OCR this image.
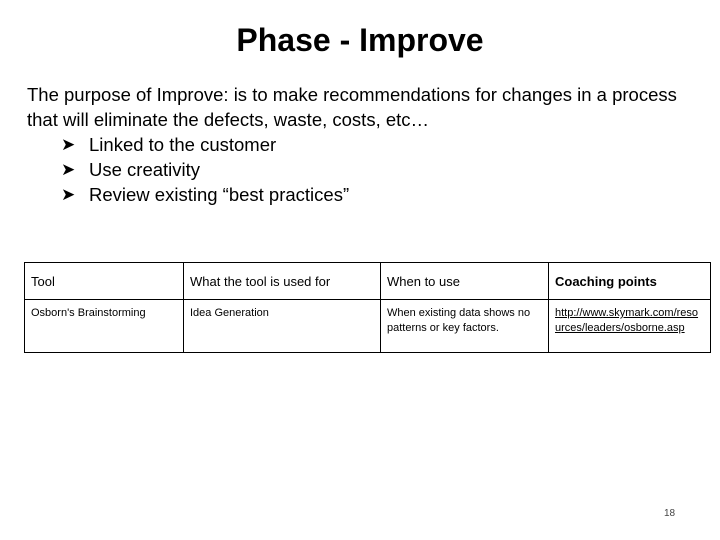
Phase - Improve
The purpose of Improve: is to make recommendations for changes in a process that will eliminate the defects, waste, costs, etc…
➤ Linked to the customer
➤ Use creativity
➤ Review existing “best practices”
Tool	What the tool is used for	When to use	Coaching points
Osborn's Brainstorming	Idea Generation	When existing data shows no patterns or key factors.	http://www.skymark.com/resources/leaders/osborne.asp
18
